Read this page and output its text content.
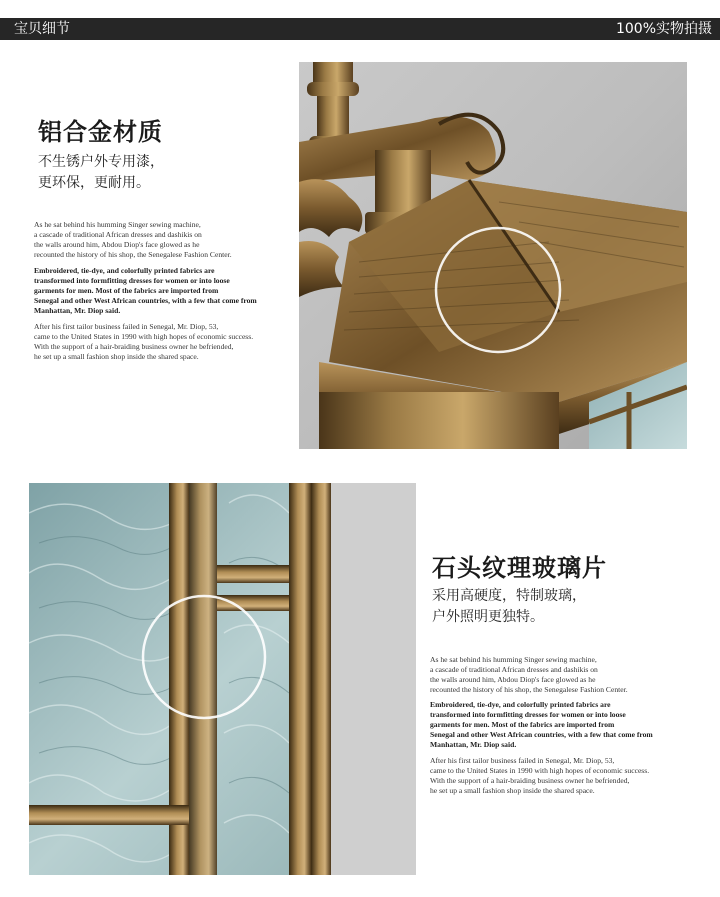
宝贝细节	100%实物拍摄
铝合金材质
不生锈户外专用漆，
更环保，更耐用。
As he sat behind his humming Singer sewing machine,
a cascade of traditional African dresses and dashikis on
the walls around him, Abdou Diop's face glowed as he
recounted the history of his shop, the Senegalese Fashion Center.
Embroidered, tie-dye, and colorfully printed fabrics are
transformed into formfitting dresses for women or into loose
garments for men. Most of the fabrics are imported from
Senegal and other West African countries, with a few that come from
Manhattan, Mr. Diop said.
After his first tailor business failed in Senegal, Mr. Diop, 53,
came to the United States in 1990 with high hopes of economic success.
With the support of a hair-braiding business owner he befriended,
he set up a small fashion shop inside the shared space.
石头纹理玻璃片
采用高硬度，特制玻璃，
户外照明更独特。
As he sat behind his humming Singer sewing machine,
a cascade of traditional African dresses and dashikis on
the walls around him, Abdou Diop's face glowed as he
recounted the history of his shop, the Senegalese Fashion Center.
Embroidered, tie-dye, and colorfully printed fabrics are
transformed into formfitting dresses for women or into loose
garments for men. Most of the fabrics are imported from
Senegal and other West African countries, with a few that come from
Manhattan, Mr. Diop said.
After his first tailor business failed in Senegal, Mr. Diop, 53,
came to the United States in 1990 with high hopes of economic success.
With the support of a hair-braiding business owner he befriended,
he set up a small fashion shop inside the shared space.
